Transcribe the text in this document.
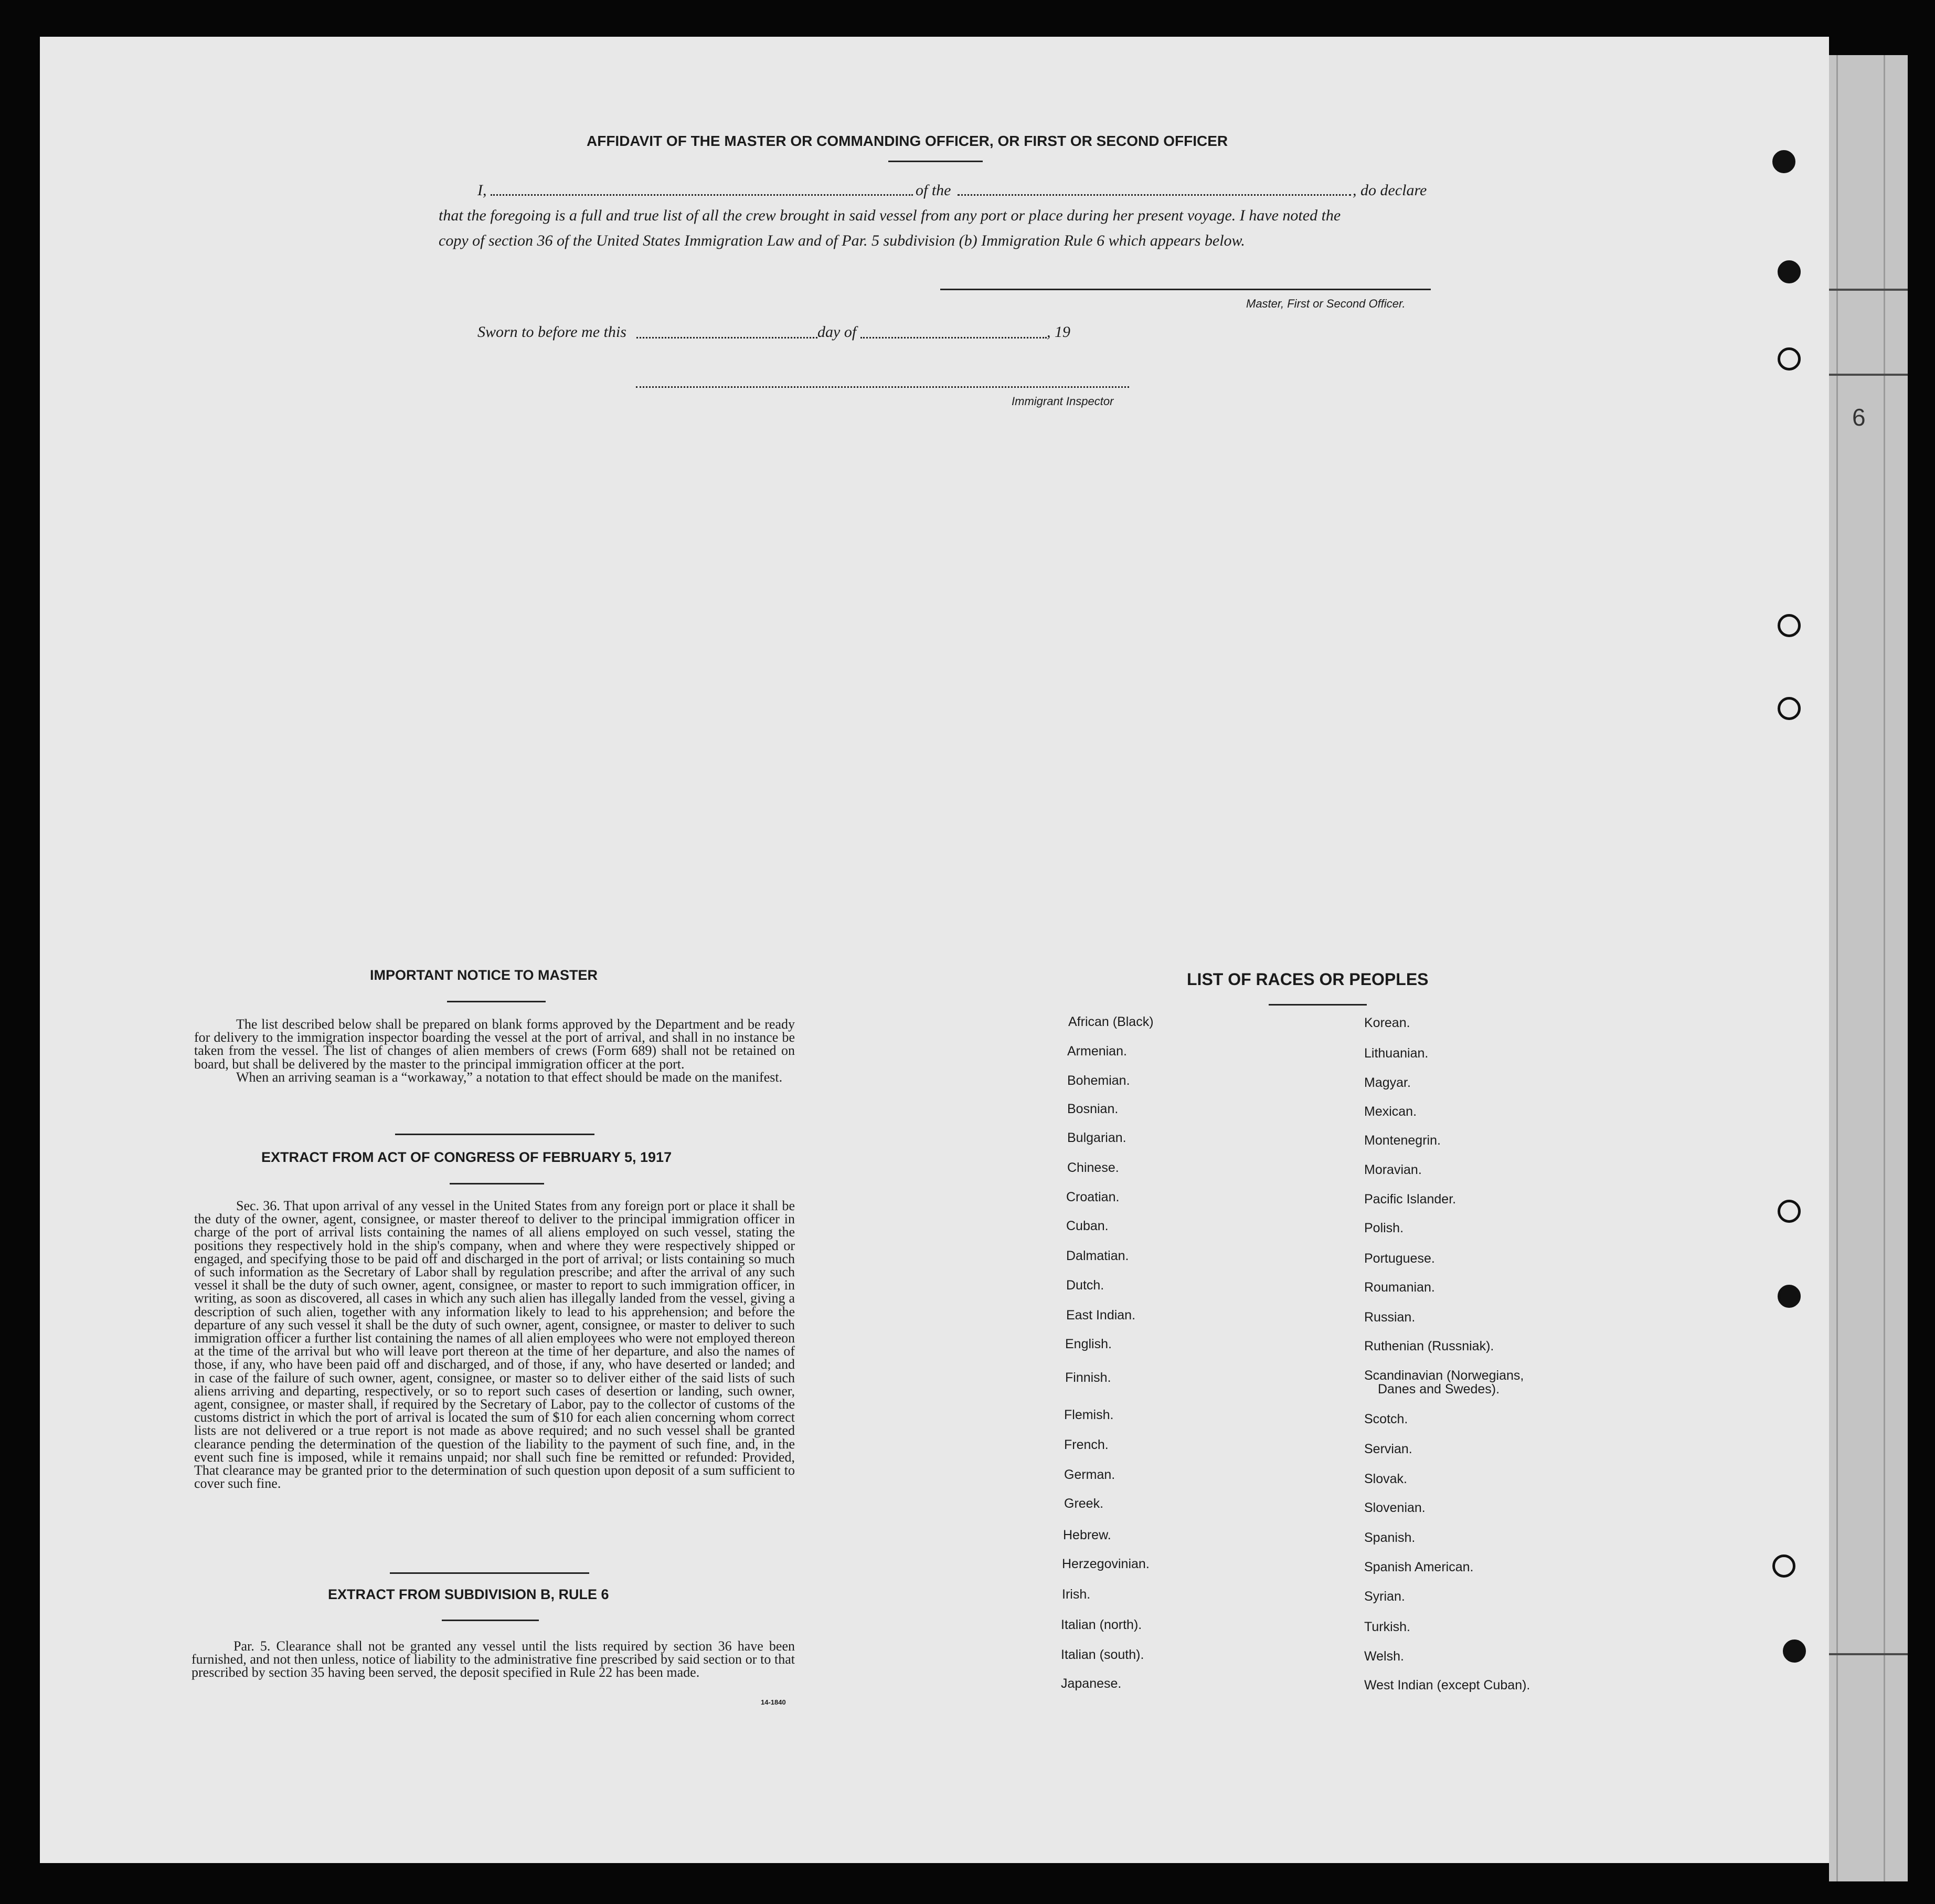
6
AFFIDAVIT OF THE MASTER OR COMMANDING OFFICER, OR FIRST OR SECOND OFFICER
I,	of the	, do declare
that the foregoing is a full and true list of all the crew brought in said vessel from any port or place during her present voyage. I have noted the
copy of section 36 of the United States Immigration Law and of Par. 5 subdivision (b) Immigration Rule 6 which appears below.
Master, First or Second Officer.
Sworn to before me this	day of	, 19
Immigrant Inspector
IMPORTANT NOTICE TO MASTER

The list described below shall be prepared on blank forms approved by the Department and be ready for delivery to the immigration inspector boarding the vessel at the port of arrival, and shall in no instance be taken from the vessel. The list of changes of alien members of crews (Form 689) shall not be retained on board, but shall be delivered by the master to the principal immigration officer at the port.

When an arriving seaman is a “workaway,” a notation to that effect should be made on the manifest.

EXTRACT FROM ACT OF CONGRESS OF FEBRUARY 5, 1917

Sec. 36. That upon arrival of any vessel in the United States from any foreign port or place it shall be the duty of the owner, agent, consignee, or master thereof to deliver to the principal immigration officer in charge of the port of arrival lists containing the names of all aliens employed on such vessel, stating the positions they respectively hold in the ship's company, when and where they were respectively shipped or engaged, and specifying those to be paid off and discharged in the port of arrival; or lists containing so much of such information as the Secretary of Labor shall by regulation prescribe; and after the arrival of any such vessel it shall be the duty of such owner, agent, consignee, or master to report to such immigration officer, in writing, as soon as discovered, all cases in which any such alien has illegally landed from the vessel, giving a description of such alien, together with any information likely to lead to his apprehension; and before the departure of any such vessel it shall be the duty of such owner, agent, consignee, or master to deliver to such immigration officer a further list containing the names of all alien employees who were not employed thereon at the time of the arrival but who will leave port thereon at the time of her departure, and also the names of those, if any, who have been paid off and discharged, and of those, if any, who have deserted or landed; and in case of the failure of such owner, agent, consignee, or master so to deliver either of the said lists of such aliens arriving and departing, respectively, or so to report such cases of desertion or landing, such owner, agent, consignee, or master shall, if required by the Secretary of Labor, pay to the collector of customs of the customs district in which the port of arrival is located the sum of $10 for each alien concerning whom correct lists are not delivered or a true report is not made as above required; and no such vessel shall be granted clearance pending the determination of the question of the liability to the payment of such fine, and, in the event such fine is imposed, while it remains unpaid; nor shall such fine be remitted or refunded: Provided, That clearance may be granted prior to the determination of such question upon deposit of a sum sufficient to cover such fine.

EXTRACT FROM SUBDIVISION B, RULE 6

Par. 5. Clearance shall not be granted any vessel until the lists required by section 36 have been furnished, and not then unless, notice of liability to the administrative fine prescribed by said section or to that prescribed by section 35 having been served, the deposit specified in Rule 22 has been made.

14-1840
LIST OF RACES OR PEOPLES
African (Black)
Armenian.
Bohemian.
Bosnian.
Bulgarian.
Chinese.
Croatian.
Cuban.
Dalmatian.
Dutch.
East Indian.
English.
Finnish.
Flemish.
French.
German.
Greek.
Hebrew.
Herzegovinian.
Irish.
Italian (north).
Italian (south).
Japanese.
Korean.
Lithuanian.
Magyar.
Mexican.
Montenegrin.
Moravian.
Pacific Islander.
Polish.
Portuguese.
Roumanian.
Russian.
Ruthenian (Russniak).
Scandinavian (Norwegians,
Danes and Swedes).
Scotch.
Servian.
Slovak.
Slovenian.
Spanish.
Spanish American.
Syrian.
Turkish.
Welsh.
West Indian (except Cuban).
